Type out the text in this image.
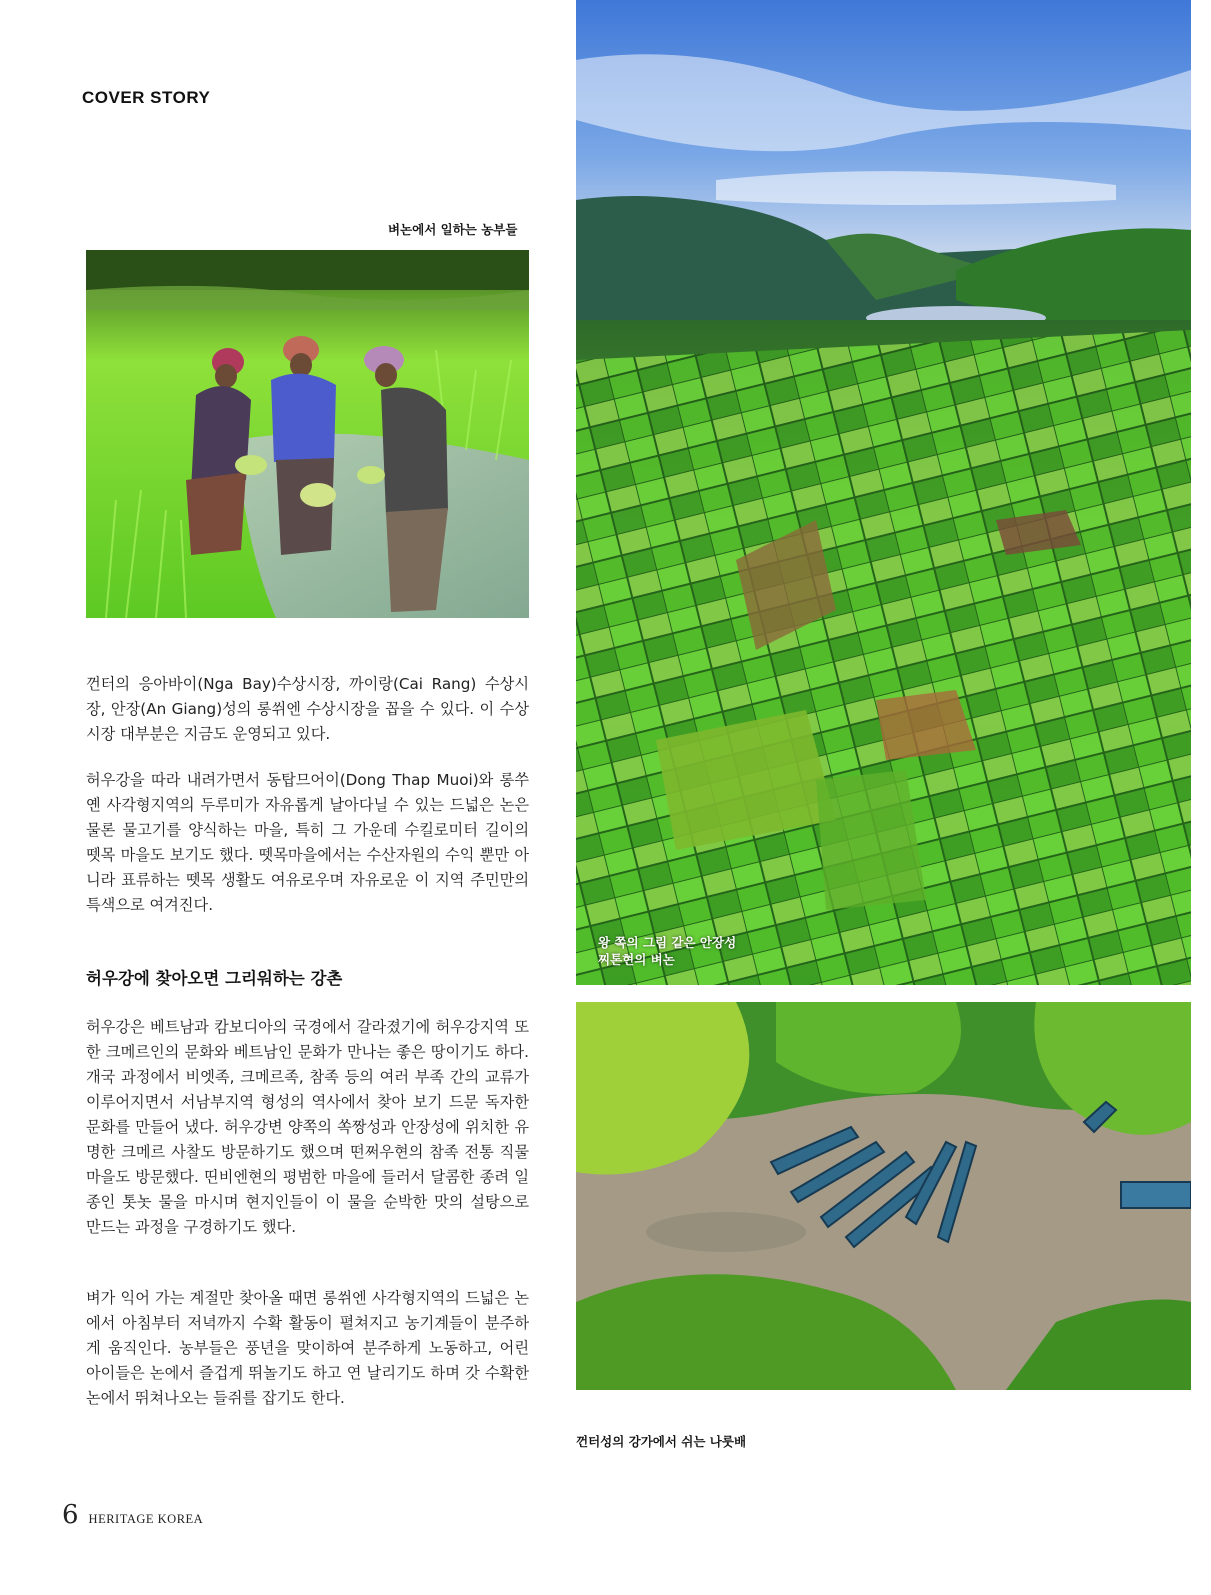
COVER STORY
벼논에서 일하는 농부들
왕 쪽의 그림 같은 안장성
찌톤현의 벼논
껀터성의 강가에서 쉬는 나룻배

껀터의 응아바이(Nga Bay)수상시장, 까이랑(Cai Rang) 수상시장, 안장(An Giang)성의 롱쒸엔 수상시장을 꼽을 수 있다. 이 수상시장 대부분은 지금도 운영되고 있다.

허우강을 따라 내려가면서 동탑므어이(Dong Thap Muoi)와 롱쑤옌 사각형지역의 두루미가 자유롭게 날아다닐 수 있는 드넓은 논은 물론 물고기를 양식하는 마을, 특히 그 가운데 수킬로미터 길이의 뗏목 마을도 보기도 했다. 뗏목마을에서는 수산자원의 수익 뿐만 아니라 표류하는 뗏목 생활도 여유로우며 자유로운 이 지역 주민만의 특색으로 여겨진다.

허우강에 찾아오면 그리워하는 강촌

허우강은 베트남과 캄보디아의 국경에서 갈라졌기에 허우강지역 또한 크메르인의 문화와 베트남인 문화가 만나는 좋은 땅이기도 하다. 개국 과정에서 비엣족, 크메르족, 참족 등의 여러 부족 간의 교류가 이루어지면서 서남부지역 형성의 역사에서 찾아 보기 드문 독자한 문화를 만들어 냈다. 허우강변 양쪽의 쏙짱성과 안장성에 위치한 유명한 크메르 사찰도 방문하기도 했으며 떤쩌우현의 참족 전통 직물 마을도 방문했다. 띤비엔현의 평범한 마을에 들러서 달콤한 종려 일종인 톳놋 물을 마시며 현지인들이 이 물을 순박한 맛의 설탕으로 만드는 과정을 구경하기도 했다.

벼가 익어 가는 계절만 찾아올 때면 롱쒸엔 사각형지역의 드넓은 논에서 아침부터 저녁까지 수확 활동이 펼쳐지고 농기계들이 분주하게 움직인다. 농부들은 풍년을 맞이하여 분주하게 노동하고, 어린 아이들은 논에서 즐겁게 뛰놀기도 하고 연 날리기도 하며 갓 수확한 논에서 뛰쳐나오는 들쥐를 잡기도 한다.

6 HERITAGE KOREA
